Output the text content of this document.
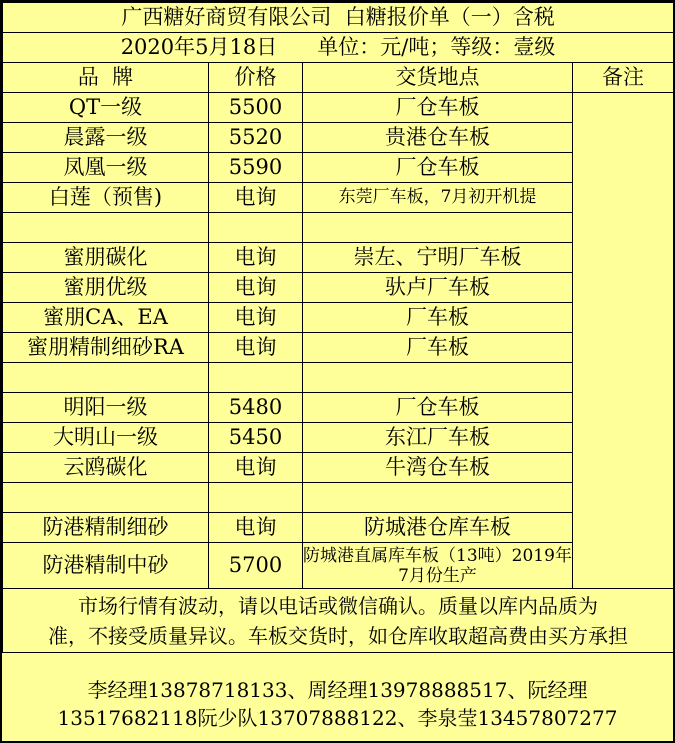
广西糖好商贸有限公司  白糖报价单（一）含税			
2020年5月18日 单位：元/吨；等级：壹级			
品  牌	价格	交货地点	备注
QT一级	5500	厂仓车板	
晨露一级	5520	贵港仓车板	
凤凰一级	5590	厂仓车板	
白莲（预售)	电询	东莞厂车板，7月初开机提	

蜜朋碳化	电询	崇左、宁明厂车板	
蜜朋优级	电询	驮卢厂车板	
蜜朋CA、EA	电询	厂车板	
蜜朋精制细砂RA	电询	厂车板	

明阳一级	5480	厂仓车板	
大明山一级	5450	东江厂车板	
云鸥碳化	电询	牛湾仓车板	

防港精制细砂	电询	防城港仓库车板	
防港精制中砂	5700	防城港直属库车板（13吨）2019年7月份生产	

市场行情有波动，请以电话或微信确认。质量以库内品质为
准，不接受质量异议。车板交货时，如仓库收取超高费由买方承担			
李经理13878718133、周经理13978888517、阮经理
13517682118阮少队13707888122、李泉莹13457807277
